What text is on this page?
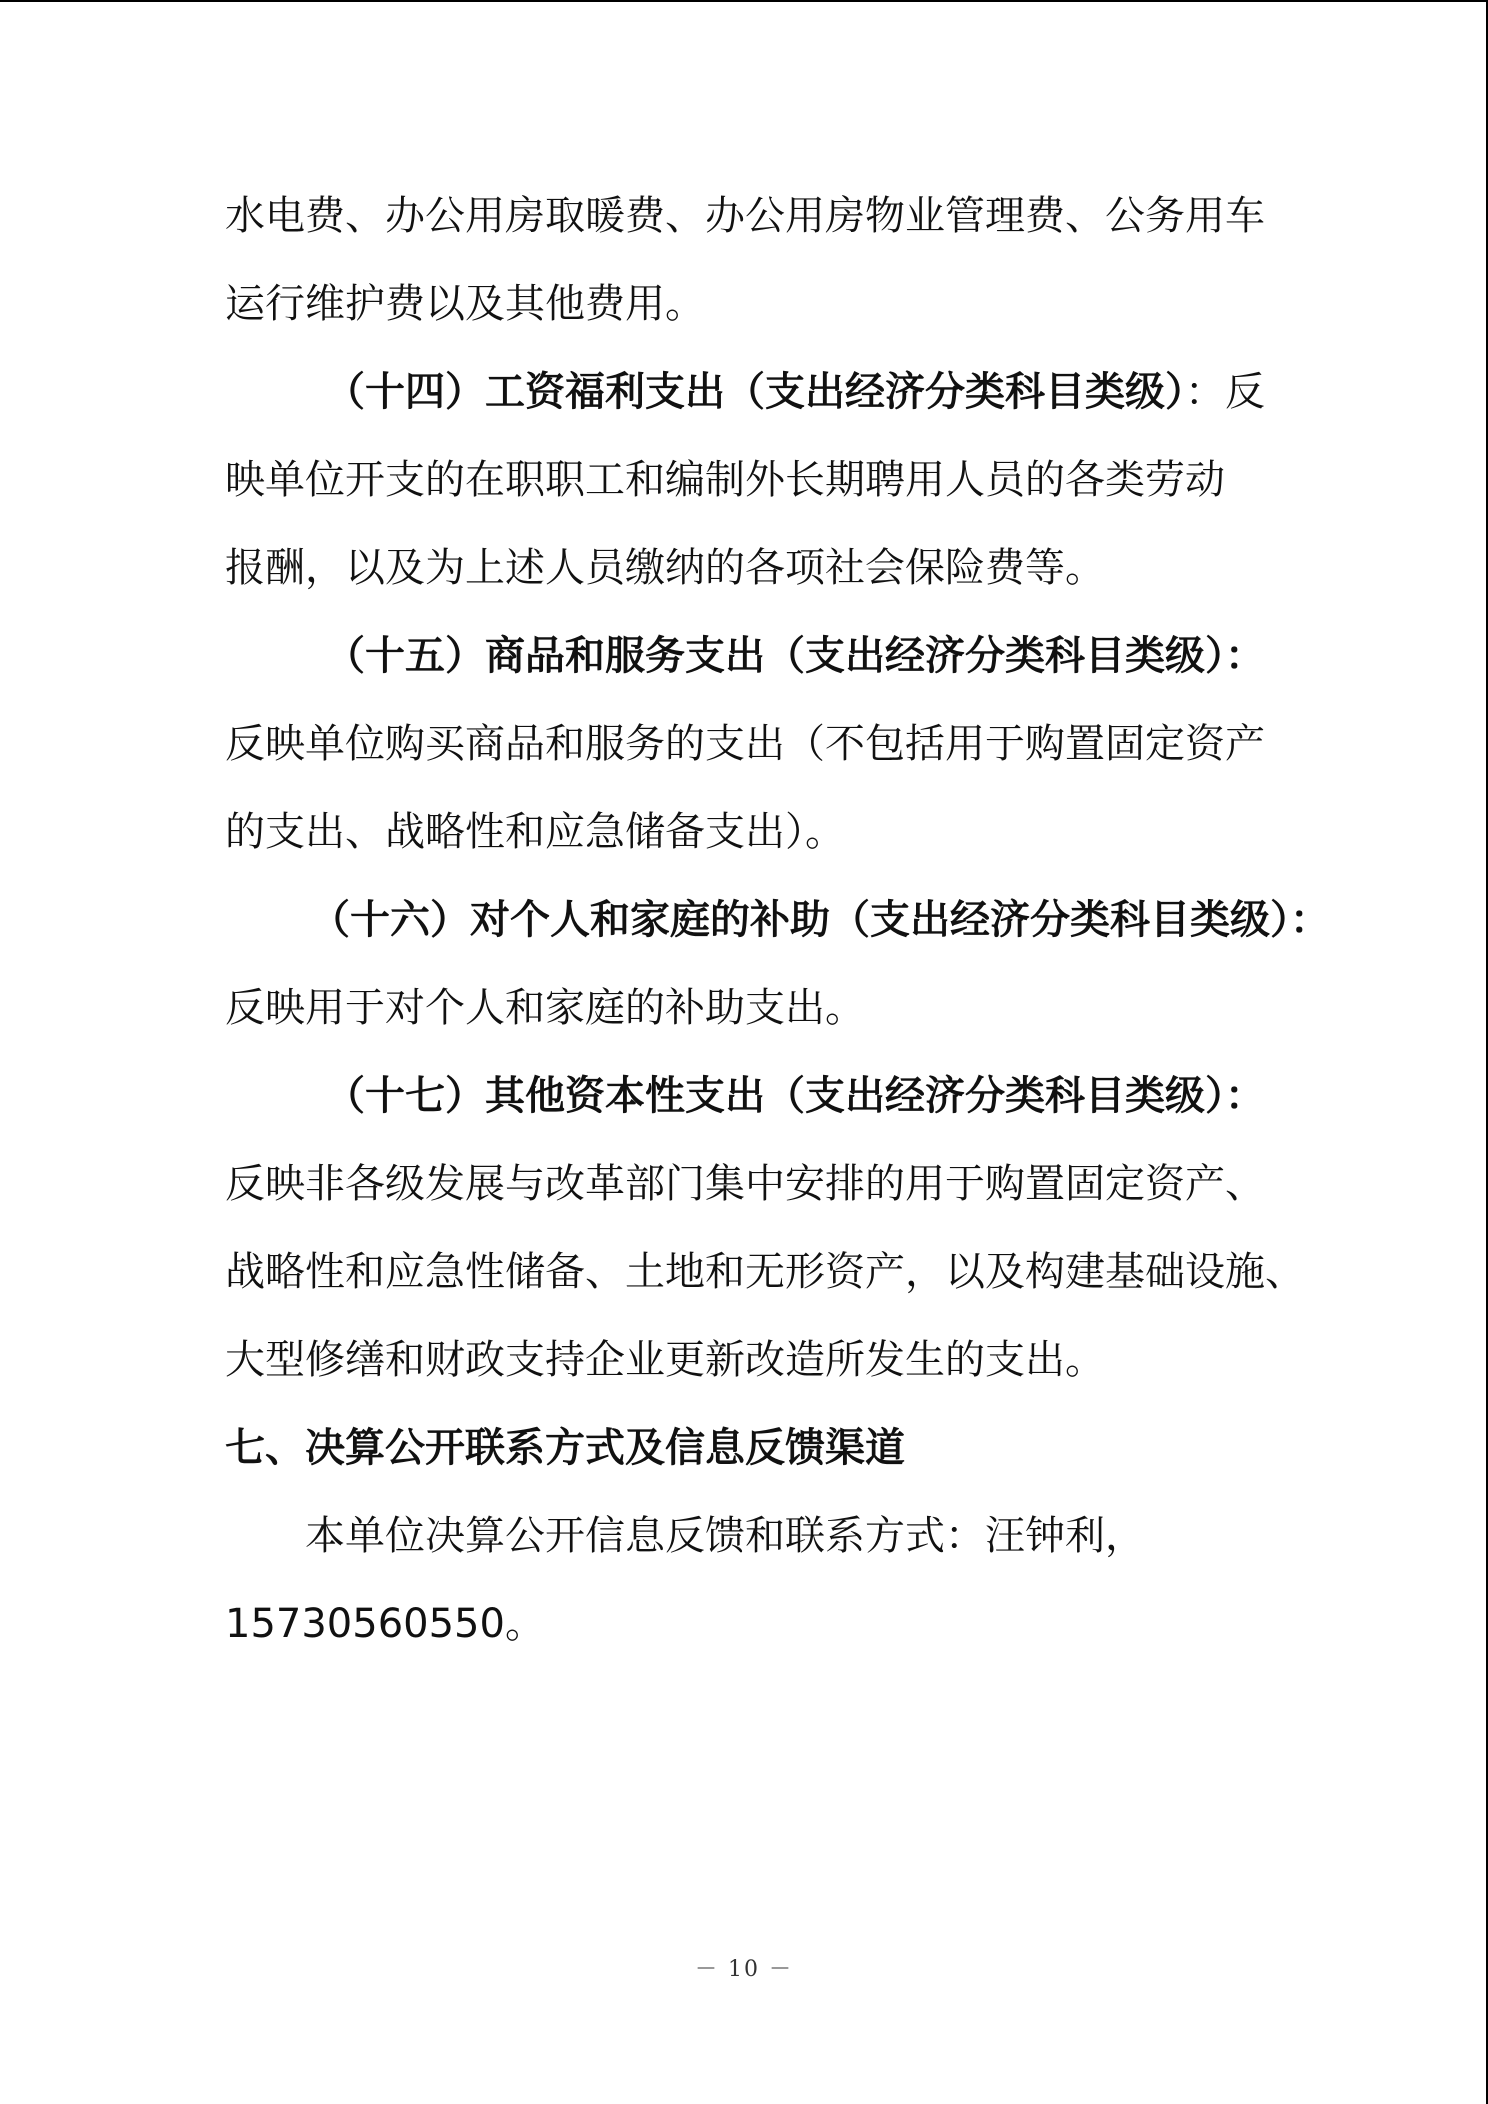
水电费、办公用房取暖费、办公用房物业管理费、公务用车
运行维护费以及其他费用。
（十四）工资福利支出（支出经济分类科目类级）：反
映单位开支的在职职工和编制外长期聘用人员的各类劳动
报酬，以及为上述人员缴纳的各项社会保险费等。
（十五）商品和服务支出（支出经济分类科目类级）：
反映单位购买商品和服务的支出（不包括用于购置固定资产
的支出、战略性和应急储备支出）。
（十六）对个人和家庭的补助（支出经济分类科目类级）：
反映用于对个人和家庭的补助支出。
（十七）其他资本性支出（支出经济分类科目类级）：
反映非各级发展与改革部门集中安排的用于购置固定资产、
战略性和应急性储备、土地和无形资产，以及构建基础设施、
大型修缮和财政支持企业更新改造所发生的支出。
七、决算公开联系方式及信息反馈渠道
本单位决算公开信息反馈和联系方式：汪钟利，
15730560550。
－ 10 －
